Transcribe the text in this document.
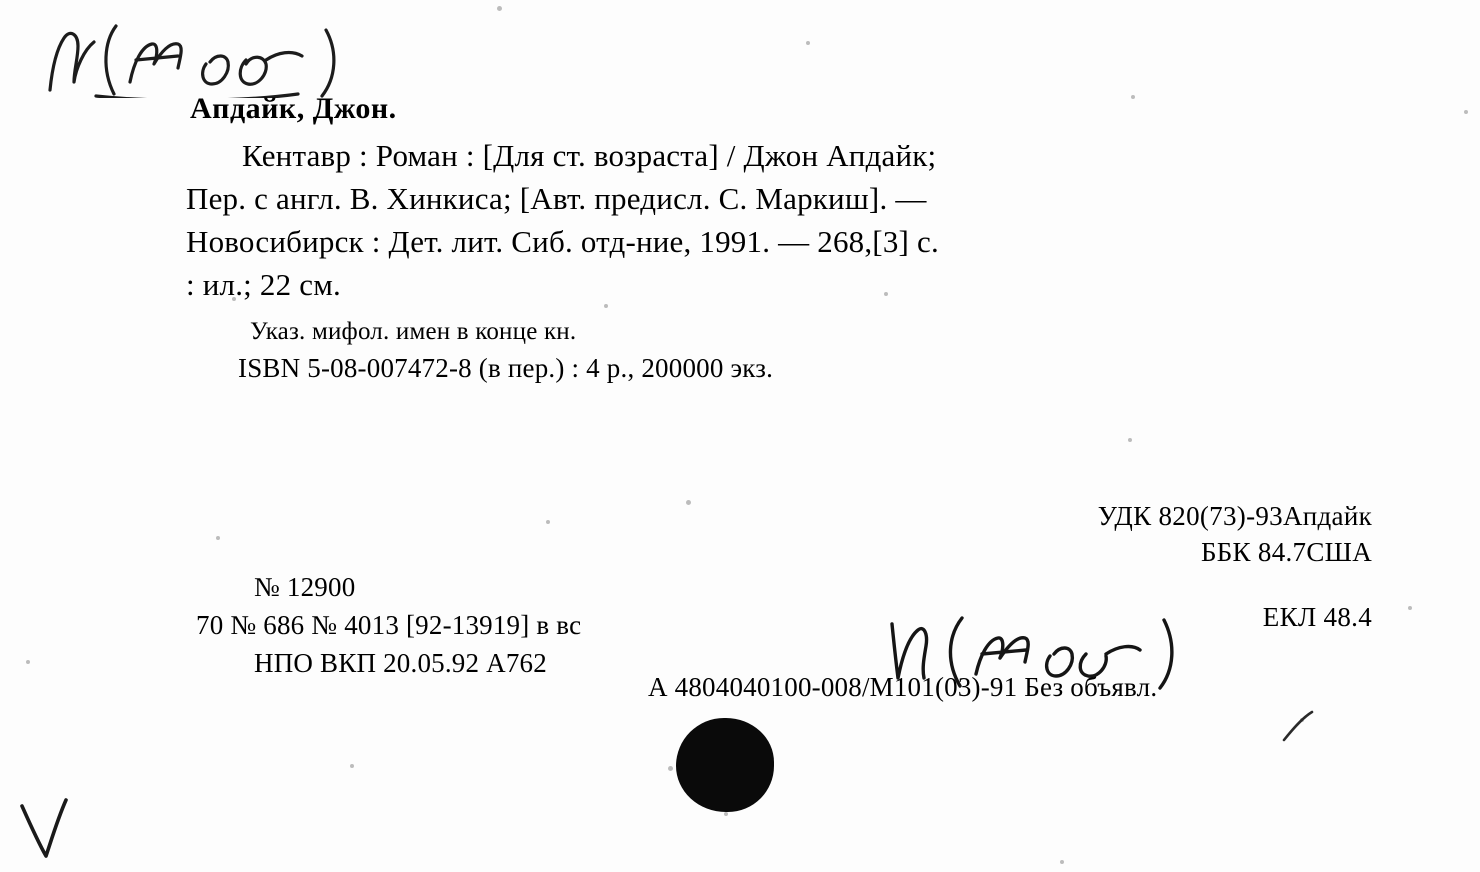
Апдайк, Джон.
Кентавр : Роман : [Для ст. возраста] / Джон Апдайк;
Пер. с англ. В. Хинкиса; [Авт. предисл. С. Маркиш]. —
Новосибирск : Дет. лит. Сиб. отд-ние, 1991. — 268,[3] с.
: ил.; 22 см.
Указ. мифол. имен в конце кн.
ISBN 5-08-007472-8 (в пер.) : 4 р., 200000 экз.
УДК 820(73)-93Апдайк
ББК 84.7США
ЕКЛ 48.4
№ 12900
70 № 686 № 4013 [92-13919] в вс
НПО ВКП 20.05.92 А762
А 4804040100-008/М101(03)-91 Без объявл.
